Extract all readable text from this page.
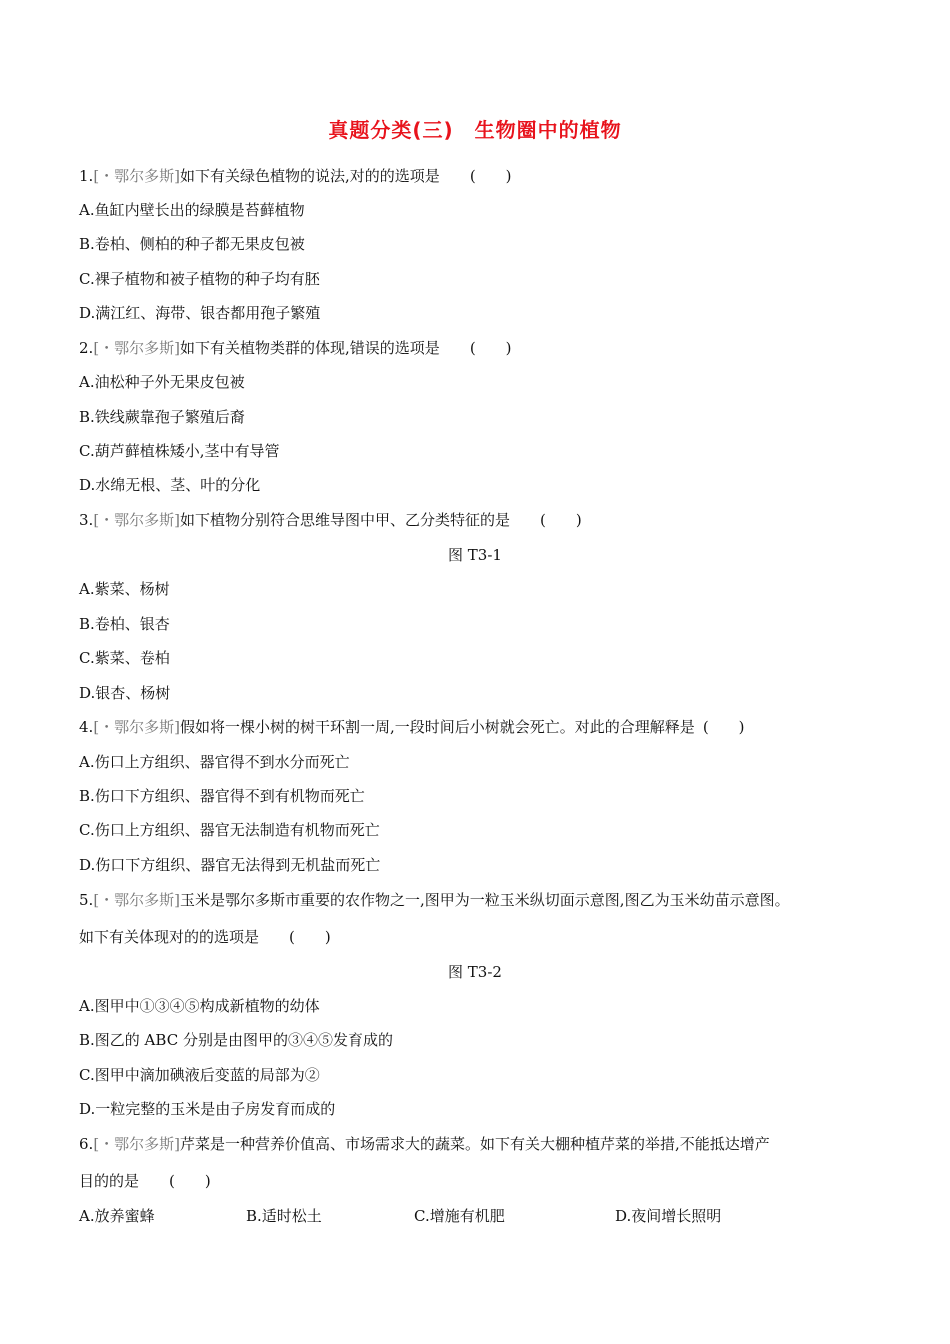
真题分类(三)　生物圈中的植物
1.[・鄂尔多斯]如下有关绿色植物的说法,对的的选项是 (　　)
A.鱼缸内壁长出的绿膜是苔藓植物
B.卷柏、侧柏的种子都无果皮包被
C.裸子植物和被子植物的种子均有胚
D.满江红、海带、银杏都用孢子繁殖
2.[・鄂尔多斯]如下有关植物类群的体现,错误的选项是 (　　)
A.油松种子外无果皮包被
B.铁线蕨靠孢子繁殖后裔
C.葫芦藓植株矮小,茎中有导管
D.水绵无根、茎、叶的分化
3.[・鄂尔多斯]如下植物分别符合思维导图中甲、乙分类特征的是 (　　)
图 T3-1
A.紫菜、杨树
B.卷柏、银杏
C.紫菜、卷柏
D.银杏、杨树
4.[・鄂尔多斯]假如将一棵小树的树干环割一周,一段时间后小树就会死亡。对此的合理解释是 (　　)
A.伤口上方组织、器官得不到水分而死亡
B.伤口下方组织、器官得不到有机物而死亡
C.伤口上方组织、器官无法制造有机物而死亡
D.伤口下方组织、器官无法得到无机盐而死亡
5.[・鄂尔多斯]玉米是鄂尔多斯市重要的农作物之一,图甲为一粒玉米纵切面示意图,图乙为玉米幼苗示意图。
如下有关体现对的的选项是 (　　)
图 T3-2
A.图甲中①③④⑤构成新植物的幼体
B.图乙的 ABC 分别是由图甲的③④⑤发育成的
C.图甲中滴加碘液后变蓝的局部为②
D.一粒完整的玉米是由子房发育而成的
6.[・鄂尔多斯]芹菜是一种营养价值高、市场需求大的蔬菜。如下有关大棚种植芹菜的举措,不能抵达增产
目的的是 (　　)
A.放养蜜蜂	B.适时松土	C.增施有机肥	D.夜间增长照明
